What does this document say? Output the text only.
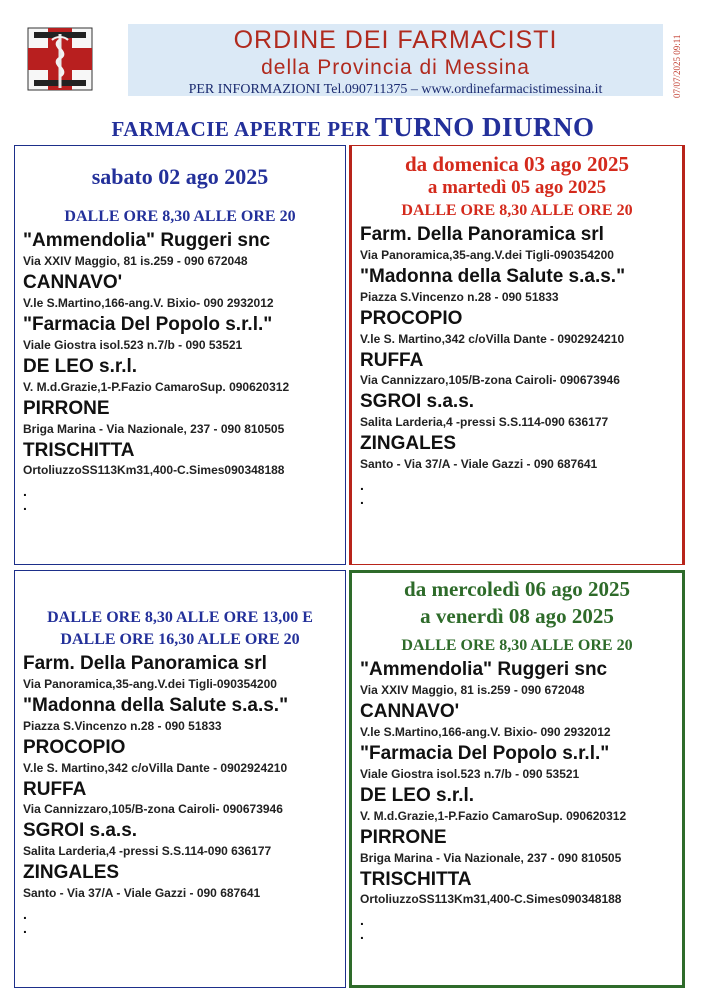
ORDINE DEI FARMACISTI
della Provincia di Messina
PER INFORMAZIONI Tel.090711375 – www.ordinefarmacistimessina.it	07/07/2025 09:11
FARMACIE APERTE PER TURNO DIURNO
sabato 02 ago 2025
DALLE ORE 8,30 ALLE ORE 20
"Ammendolia" Ruggeri snc
Via XXIV Maggio, 81 is.259 - 090 672048
CANNAVO'
V.le S.Martino,166-ang.V. Bixio- 090 2932012
"Farmacia Del Popolo s.r.l."
Viale Giostra isol.523 n.7/b - 090 53521
DE LEO s.r.l.
V. M.d.Grazie,1-P.Fazio CamaroSup. 090620312
PIRRONE
Briga Marina - Via Nazionale, 237 - 090 810505
TRISCHITTA
OrtoliuzzoSS113Km31,400-C.Simes090348188
.
.
da domenica 03 ago 2025
a martedì 05 ago 2025
DALLE ORE 8,30 ALLE ORE 20
Farm. Della Panoramica srl
Via Panoramica,35-ang.V.dei Tigli-090354200
"Madonna della Salute s.a.s."
Piazza S.Vincenzo n.28 - 090 51833
PROCOPIO
V.le S. Martino,342 c/oVilla Dante - 0902924210
RUFFA
Via Cannizzaro,105/B-zona Cairoli- 090673946
SGROI s.a.s.
Salita Larderia,4 -pressi S.S.114-090 636177
ZINGALES
Santo - Via 37/A - Viale Gazzi - 090 687641
.
.
DALLE ORE 8,30 ALLE ORE 13,00 E
DALLE ORE 16,30 ALLE ORE 20
Farm. Della Panoramica srl
Via Panoramica,35-ang.V.dei Tigli-090354200
"Madonna della Salute s.a.s."
Piazza S.Vincenzo n.28 - 090 51833
PROCOPIO
V.le S. Martino,342 c/oVilla Dante - 0902924210
RUFFA
Via Cannizzaro,105/B-zona Cairoli- 090673946
SGROI s.a.s.
Salita Larderia,4 -pressi S.S.114-090 636177
ZINGALES
Santo - Via 37/A - Viale Gazzi - 090 687641
.
.
da mercoledì 06 ago 2025
a venerdì 08 ago 2025
DALLE ORE 8,30 ALLE ORE 20
"Ammendolia" Ruggeri snc
Via XXIV Maggio, 81 is.259 - 090 672048
CANNAVO'
V.le S.Martino,166-ang.V. Bixio- 090 2932012
"Farmacia Del Popolo s.r.l."
Viale Giostra isol.523 n.7/b - 090 53521
DE LEO s.r.l.
V. M.d.Grazie,1-P.Fazio CamaroSup. 090620312
PIRRONE
Briga Marina - Via Nazionale, 237 - 090 810505
TRISCHITTA
OrtoliuzzoSS113Km31,400-C.Simes090348188
.
.
